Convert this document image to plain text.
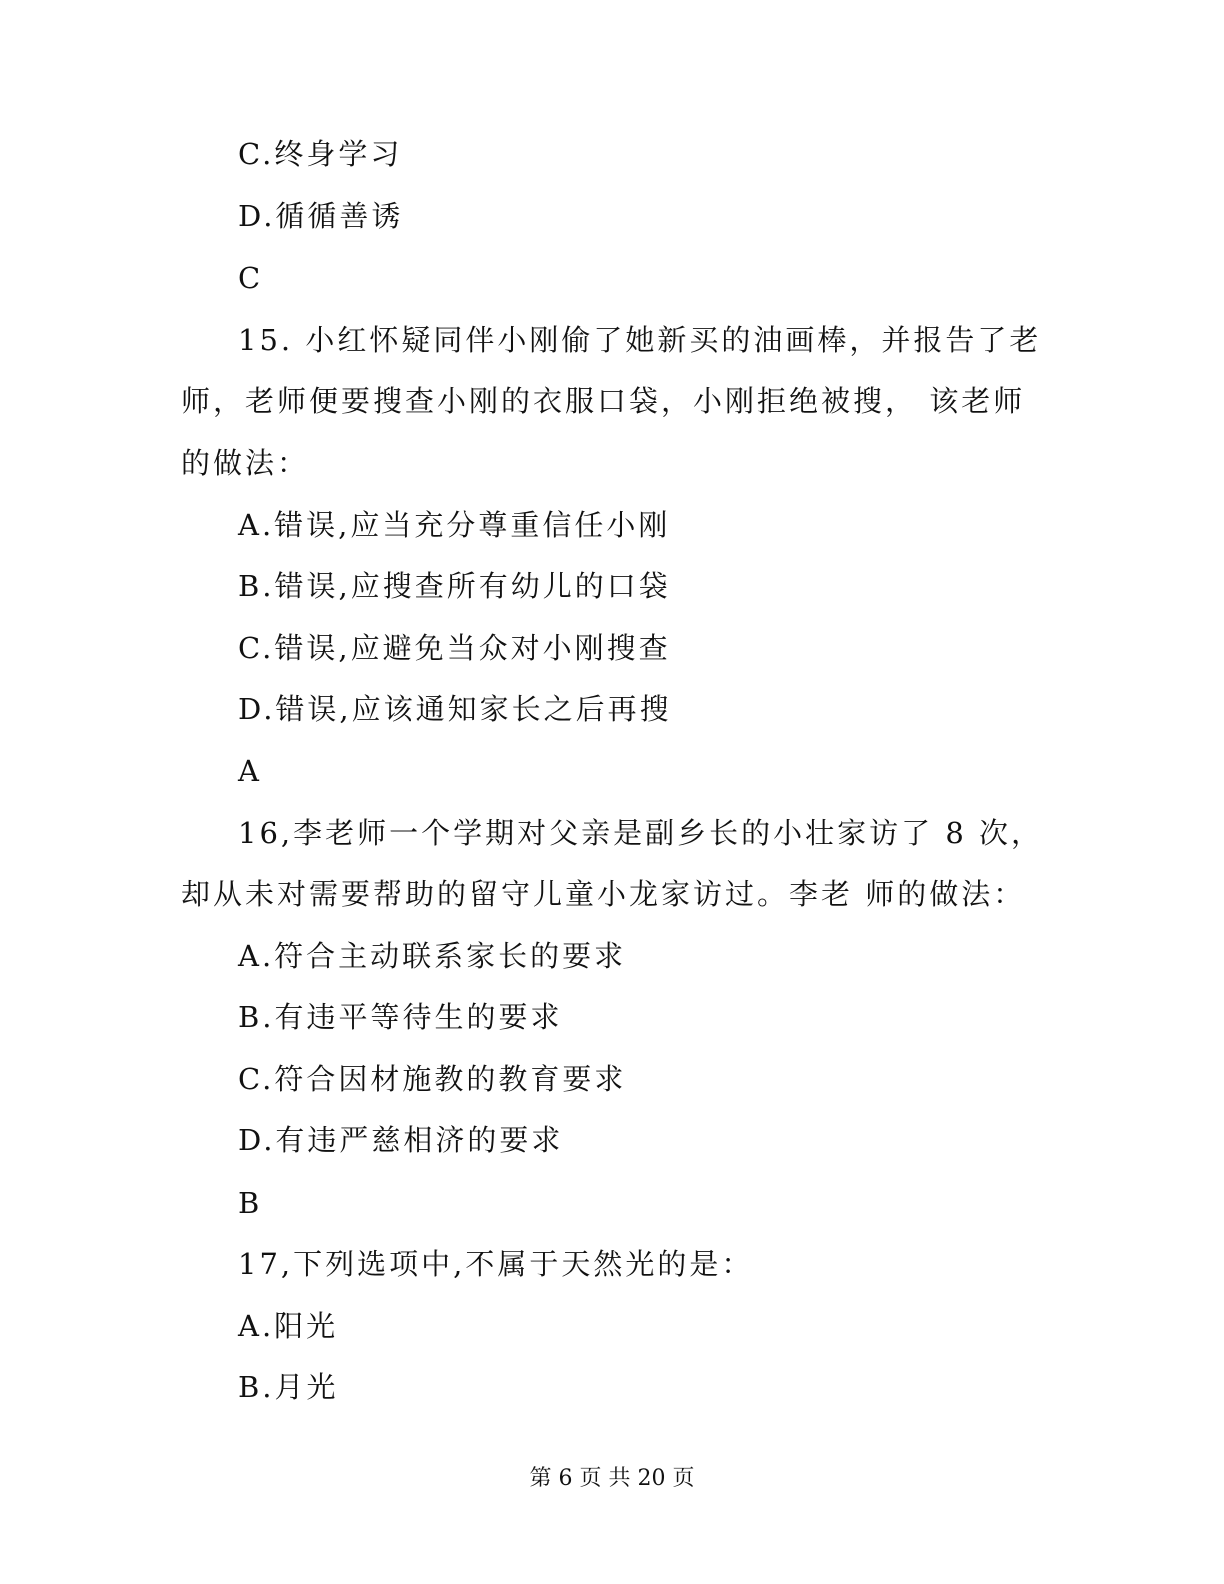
C.终身学习
D.循循善诱
C
15. 小红怀疑同伴小刚偷了她新买的油画棒，并报告了老
师，老师便要搜查小刚的衣服口袋，小刚拒绝被搜， 该老师
的做法：
A.错误,应当充分尊重信任小刚
B.错误,应搜查所有幼儿的口袋
C.错误,应避免当众对小刚搜查
D.错误,应该通知家长之后再搜
A
16,李老师一个学期对父亲是副乡长的小壮家访了 8 次，
却从未对需要帮助的留守儿童小龙家访过。李老 师的做法：
A.符合主动联系家长的要求
B.有违平等待生的要求
C.符合因材施教的教育要求
D.有违严慈相济的要求
B
17,下列选项中,不属于天然光的是：
A.阳光
B.月光
第 6 页 共 20 页
